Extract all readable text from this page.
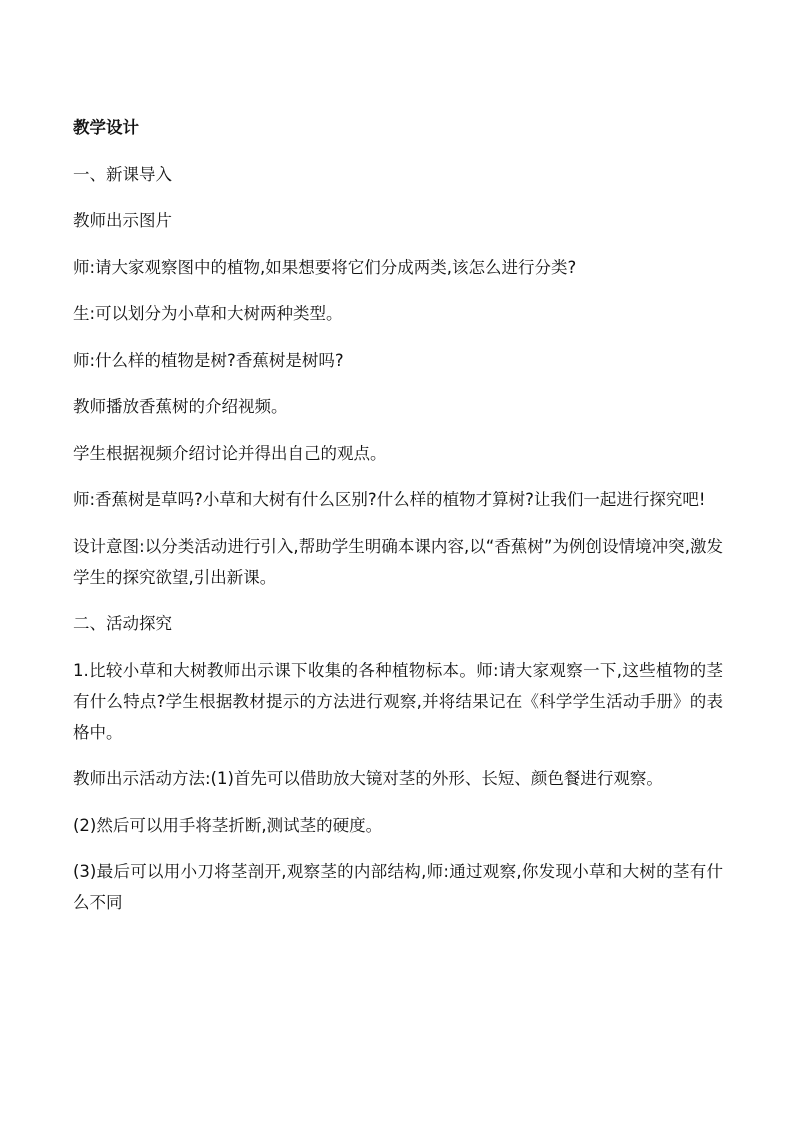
教学设计

一、新课导入

教师出示图片

师:请大家观察图中的植物,如果想要将它们分成两类,该怎么进行分类?

生:可以划分为小草和大树两种类型。

师:什么样的植物是树?香蕉树是树吗?

教师播放香蕉树的介绍视频。

学生根据视频介绍讨论并得出自己的观点。

师:香蕉树是草吗?小草和大树有什么区别?什么样的植物才算树?让我们一起进行探究吧!

设计意图:以分类活动进行引入,帮助学生明确本课内容,以“香蕉树”为例创设情境冲突,激发学生的探究欲望,引出新课。

二、活动探究

1.比较小草和大树教师出示课下收集的各种植物标本。师:请大家观察一下,这些植物的茎有什么特点?学生根据教材提示的方法进行观察,并将结果记在《科学学生活动手册》的表格中。

教师出示活动方法:(1)首先可以借助放大镜对茎的外形、长短、颜色餐进行观察。

(2)然后可以用手将茎折断,测试茎的硬度。

(3)最后可以用小刀将茎剖开,观察茎的内部结构,师:通过观察,你发现小草和大树的茎有什么不同
